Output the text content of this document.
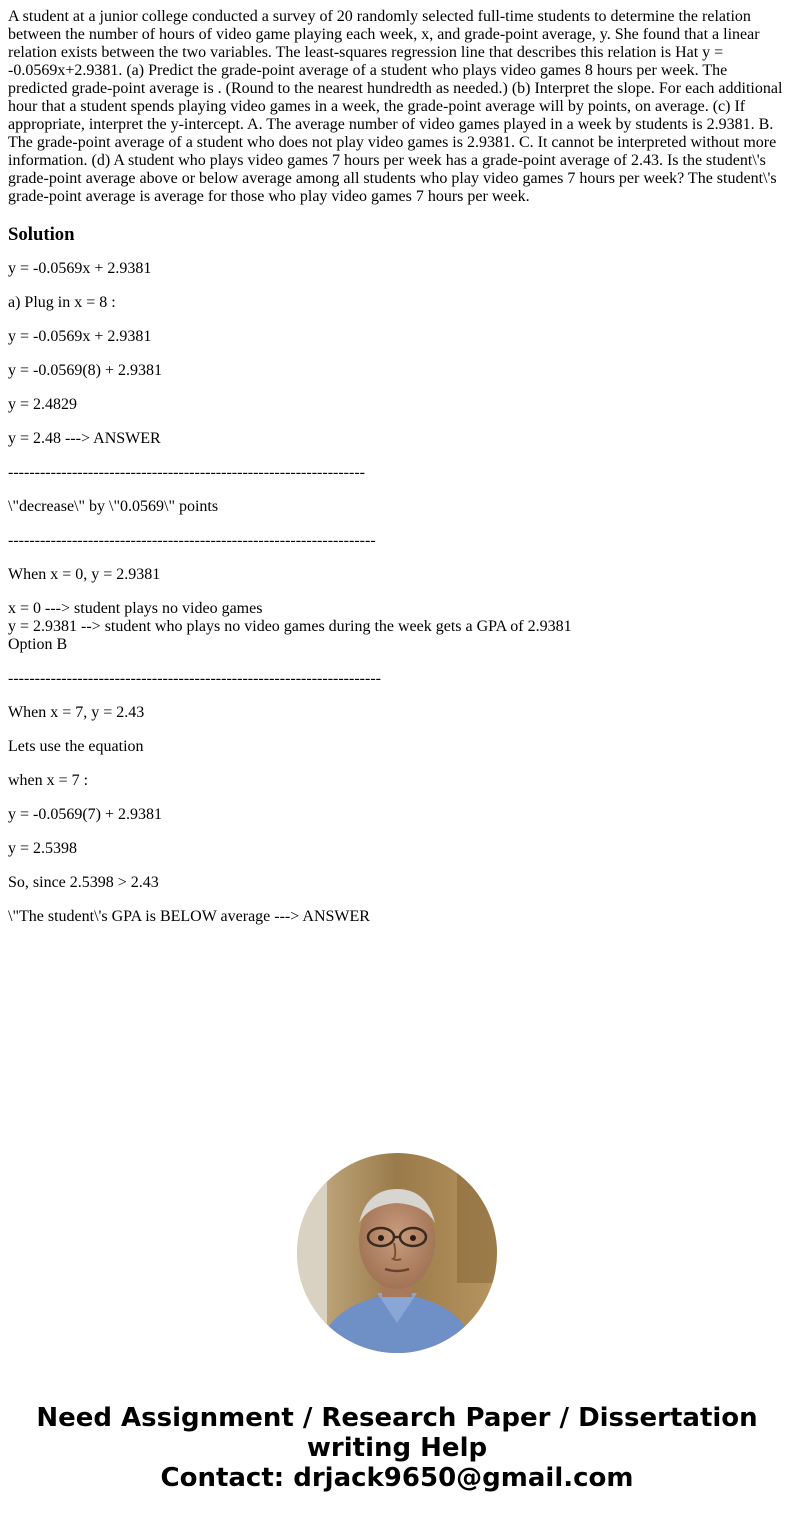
A student at a junior college conducted a survey of 20 randomly selected full-time students to determine the relation between the number of hours of video game playing each week, x, and grade-point average, y. She found that a linear relation exists between the two variables. The least-squares regression line that describes this relation is Hat y = -0.0569x+2.9381. (a) Predict the grade-point average of a student who plays video games 8 hours per week. The predicted grade-point average is . (Round to the nearest hundredth as needed.) (b) Interpret the slope. For each additional hour that a student spends playing video games in a week, the grade-point average will by points, on average. (c) If appropriate, interpret the y-intercept. A. The average number of video games played in a week by students is 2.9381. B. The grade-point average of a student who does not play video games is 2.9381. C. It cannot be interpreted without more information. (d) A student who plays video games 7 hours per week has a grade-point average of 2.43. Is the student\'s grade-point average above or below average among all students who play video games 7 hours per week? The student\'s grade-point average is average for those who play video games 7 hours per week.

Solution

y = -0.0569x + 2.9381

a) Plug in x = 8 :

y = -0.0569x + 2.9381

y = -0.0569(8) + 2.9381

y = 2.4829

y = 2.48 ---> ANSWER

-------------------------------------------------------------------

\"decrease\" by \"0.0569\" points

---------------------------------------------------------------------

When x = 0, y = 2.9381

x = 0 ---> student plays no video games
y = 2.9381 --> student who plays no video games during the week gets a GPA of 2.9381
Option B

----------------------------------------------------------------------

When x = 7, y = 2.43

Lets use the equation

when x = 7 :

y = -0.0569(7) + 2.9381

y = 2.5398

So, since 2.5398 > 2.43

\"The student\'s GPA is BELOW average ---> ANSWER

Need Assignment / Research Paper / Dissertation
writing Help
Contact: drjack9650@gmail.com
